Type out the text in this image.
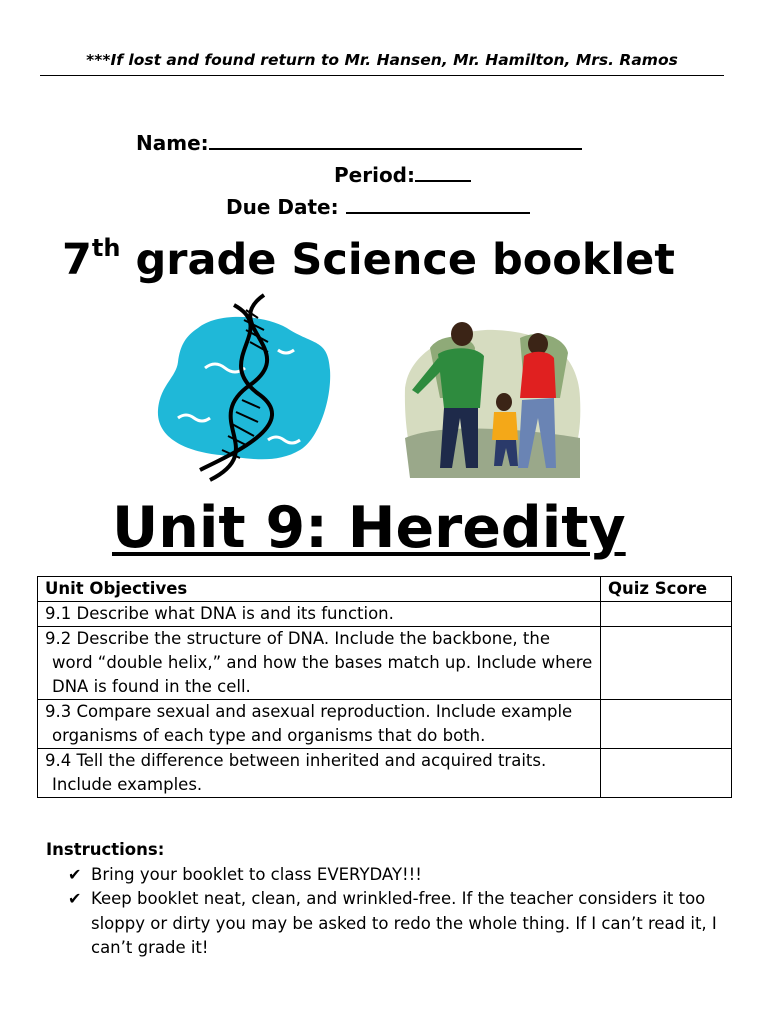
***If lost and found return to Mr. Hansen, Mr. Hamilton, Mrs. Ramos
Name:
Period:
Due Date:
7th grade Science booklet
Unit 9: Heredity
Unit Objectives	Quiz Score

9.1 Describe what DNA is and its function.	

9.2 Describe the structure of DNA. Include the backbone, the word “double helix,” and how the bases match up. Include where DNA is found in the cell.	

9.3 Compare sexual and asexual reproduction. Include example organisms of each type and organisms that do both.	

9.4 Tell the difference between inherited and acquired traits. Include examples.	

Instructions:
✔ Bring your booklet to class EVERYDAY!!!
✔ Keep booklet neat, clean, and wrinkled-free. If the teacher considers it too sloppy or dirty you may be asked to redo the whole thing. If I can’t read it, I can’t grade it!
